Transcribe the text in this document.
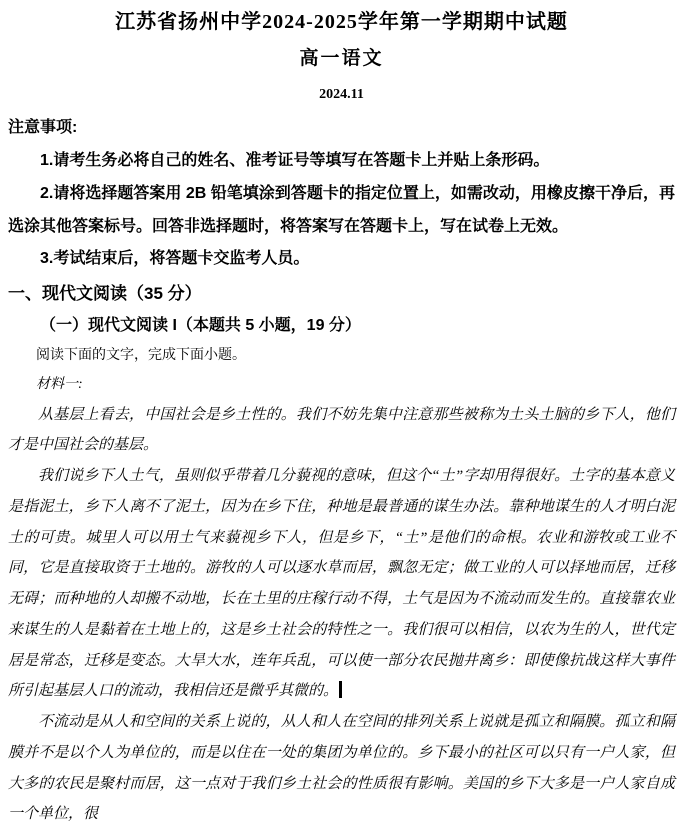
江苏省扬州中学2024-2025学年第一学期期中试题
高一语文

2024.11

注意事项:

1.请考生务必将自己的姓名、准考证号等填写在答题卡上并贴上条形码。

2.请将选择题答案用 2B 铅笔填涂到答题卡的指定位置上，如需改动，用橡皮擦干净后，再选涂其他答案标号。回答非选择题时，将答案写在答题卡上，写在试卷上无效。

3.考试结束后，将答题卡交监考人员。

一、现代文阅读（35 分）

（一）现代文阅读 I（本题共 5 小题，19 分）

阅读下面的文字，完成下面小题。

材料一:

从基层上看去，中国社会是乡土性的。我们不妨先集中注意那些被称为土头土脑的乡下人，他们才是中国社会的基层。

我们说乡下人土气，虽则似乎带着几分藐视的意味，但这个“土”字却用得很好。土字的基本意义是指泥土，乡下人离不了泥土，因为在乡下住，种地是最普通的谋生办法。靠种地谋生的人才明白泥土的可贵。城里人可以用土气来藐视乡下人，但是乡下，“土”是他们的命根。农业和游牧或工业不同，它是直接取资于土地的。游牧的人可以逐水草而居，飘忽无定；做工业的人可以择地而居，迁移无碍；而种地的人却搬不动地，长在土里的庄稼行动不得，土气是因为不流动而发生的。直接靠农业来谋生的人是黏着在土地上的，这是乡土社会的特性之一。我们很可以相信，以农为生的人，世代定居是常态，迁移是变态。大旱大水，连年兵乱，可以使一部分农民抛井离乡：即使像抗战这样大事件所引起基层人口的流动，我相信还是微乎其微的。

不流动是从人和空间的关系上说的，从人和人在空间的排列关系上说就是孤立和隔膜。孤立和隔膜并不是以个人为单位的，而是以住在一处的集团为单位的。乡下最小的社区可以只有一户人家，但大多的农民是聚村而居，这一点对于我们乡土社会的性质很有影响。美国的乡下大多是一户人家自成一个单位，很
